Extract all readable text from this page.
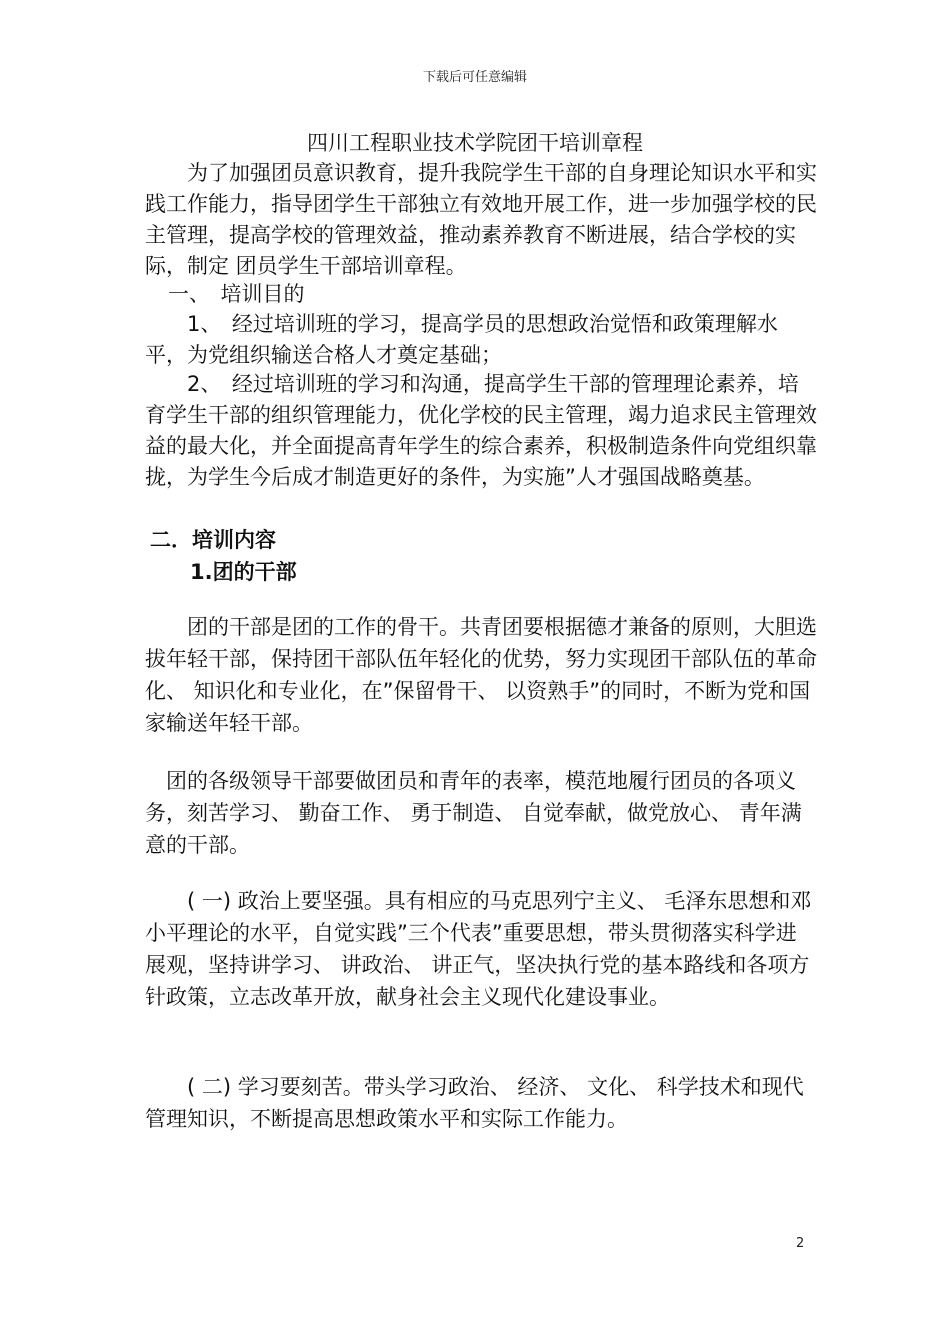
下载后可任意编辑
四川工程职业技术学院团干培训章程

　　为了加强团员意识教育，提升我院学生干部的自身理论知识水平和实践工作能力，指导团学生干部独立有效地开展工作，进一步加强学校的民主管理，提高学校的管理效益，推动素养教育不断进展，结合学校的实际，制定 团员学生干部培训章程。

一、　培训目的

　　1、　经过培训班的学习，提高学员的思想政治觉悟和政策理解水平，为党组织输送合格人才奠定基础；

　　2、　经过培训班的学习和沟通，提高学生干部的管理理论素养，培育学生干部的组织管理能力，优化学校的民主管理，竭力追求民主管理效益的最大化，并全面提高青年学生的综合素养，积极制造条件向党组织靠拢，为学生今后成才制造更好的条件，为实施”人才强国战略奠基。

二．培训内容
1.团的干部

　　团的干部是团的工作的骨干。共青团要根据德才兼备的原则，大胆选拔年轻干部，保持团干部队伍年轻化的优势，努力实现团干部队伍的革命化、 知识化和专业化，在”保留骨干、 以资熟手”的同时，不断为党和国家输送年轻干部。

　团的各级领导干部要做团员和青年的表率，模范地履行团员的各项义务，刻苦学习、 勤奋工作、 勇于制造、 自觉奉献，做党放心、 青年满意的干部。

　　( 一) 政治上要坚强。具有相应的马克思列宁主义、 毛泽东思想和邓小平理论的水平，自觉实践”三个代表”重要思想，带头贯彻落实科学进展观，坚持讲学习、 讲政治、 讲正气，坚决执行党的基本路线和各项方针政策，立志改革开放，献身社会主义现代化建设事业。

　　( 二) 学习要刻苦。带头学习政治、 经济、 文化、 科学技术和现代管理知识，不断提高思想政策水平和实际工作能力。

2
